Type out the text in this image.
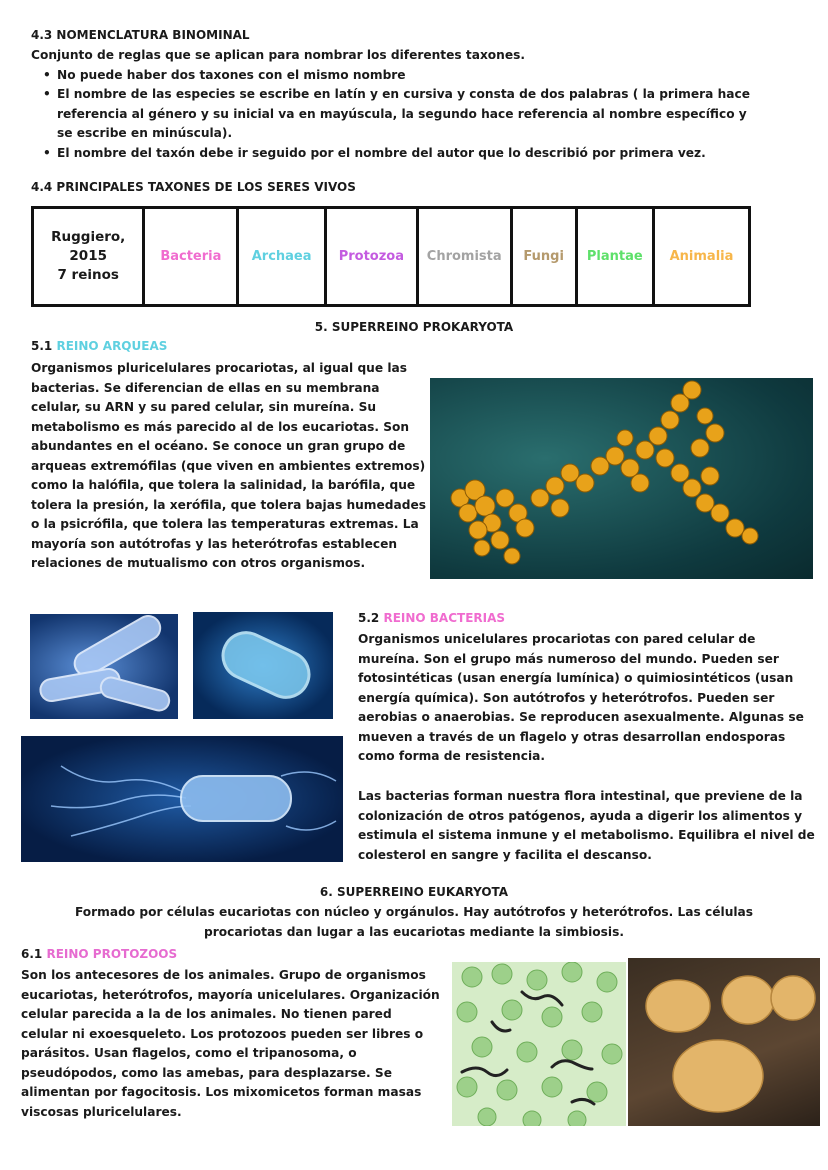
4.3 NOMENCLATURA BINOMINAL
Conjunto de reglas que se aplican para nombrar los diferentes taxones.
• No puede haber dos taxones con el mismo nombre
• El nombre de las especies se escribe en latín y en cursiva y consta de dos palabras ( la primera hace referencia al género y su inicial va en mayúscula, la segundo hace referencia al nombre específico y se escribe en minúscula).
• El nombre del taxón debe ir seguido por el nombre del autor que lo describió por primera vez.
4.4 PRINCIPALES TAXONES DE LOS SERES VIVOS
Ruggiero,
2015
7 reinos
	Bacteria	Archaea	Protozoa	Chromista	Fungi	Plantae	Animalia
5. SUPERREINO PROKARYOTA
5.1 REINO ARQUEAS
Organismos pluricelulares procariotas, al igual que las bacterias. Se diferencian de ellas en su membrana celular, su ARN y su pared celular, sin mureína. Su metabolismo es más parecido al de los eucariotas. Son abundantes en el océano. Se conoce un gran grupo de arqueas extremófilas (que viven en ambientes extremos) como la halófila, que tolera la salinidad, la barófila, que tolera la presión, la xerófila, que tolera bajas humedades o la psicrófila, que tolera las temperaturas extremas. La mayoría son autótrofas y las heterótrofas establecen relaciones de mutualismo con otros organismos.
5.2 REINO BACTERIAS
Organismos unicelulares procariotas con pared celular de mureína. Son el grupo más numeroso del mundo. Pueden ser fotosintéticas (usan energía lumínica) o quimiosintéticos (usan energía química). Son autótrofos y heterótrofos. Pueden ser aerobias o anaerobias. Se reproducen asexualmente. Algunas se mueven a través de un flagelo y otras desarrollan endosporas como forma de resistencia.
Las bacterias forman nuestra flora intestinal, que previene de la colonización de otros patógenos, ayuda a digerir los alimentos y estimula el sistema inmune y el metabolismo. Equilibra el nivel de colesterol en sangre y facilita el descanso.
6. SUPERREINO EUKARYOTA
Formado por células eucariotas con núcleo y orgánulos. Hay autótrofos y heterótrofos. Las células procariotas dan lugar a las eucariotas mediante la simbiosis.
6.1 REINO PROTOZOOS
Son los antecesores de los animales. Grupo de organismos eucariotas, heterótrofos, mayoría unicelulares. Organización celular parecida a la de los animales. No tienen pared celular ni exoesqueleto. Los protozoos pueden ser libres o parásitos. Usan flagelos, como el tripanosoma, o pseudópodos, como las amebas, para desplazarse. Se alimentan por fagocitosis. Los mixomicetos forman masas viscosas pluricelulares.
